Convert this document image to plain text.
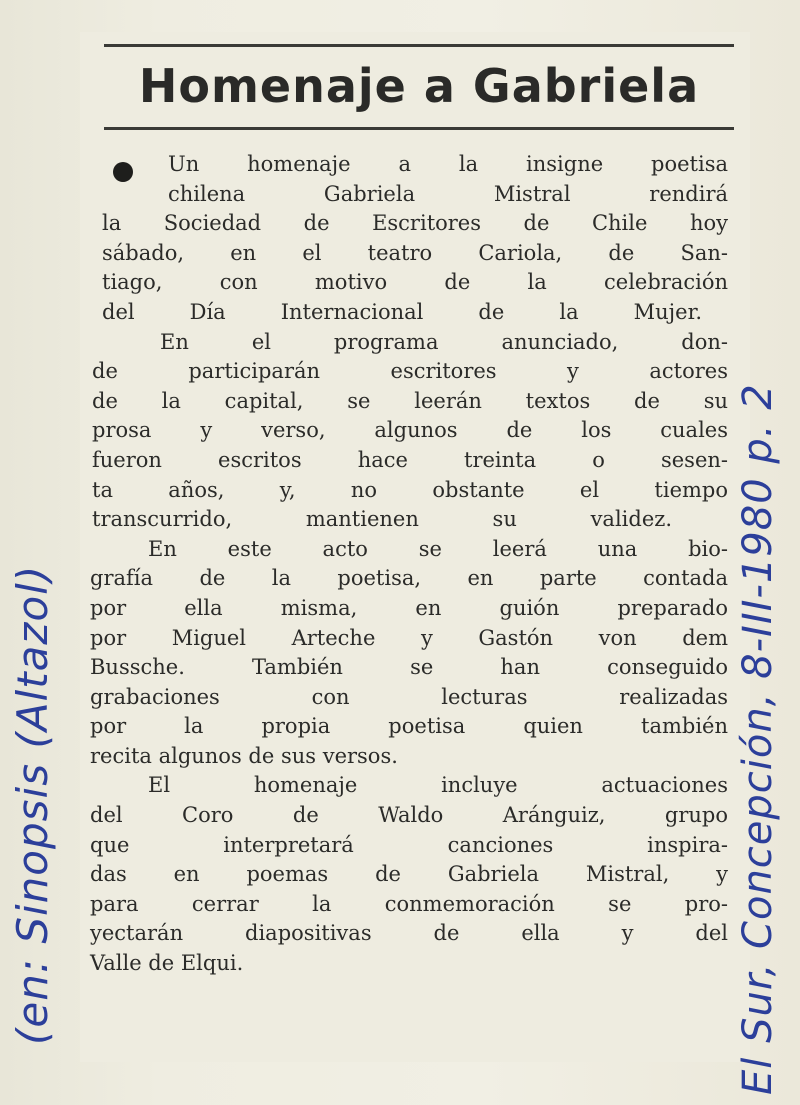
Homenaje a Gabriela
Un homenaje a la insigne poetisa
chilena Gabriela Mistral rendirá
la Sociedad de Escritores de Chile hoy
sábado, en el teatro Cariola, de San-
tiago, con motivo de la celebración
del Día Internacional de la Mujer.
En el programa anunciado, don-
de participarán escritores y actores
de la capital, se leerán textos de su
prosa y verso, algunos de los cuales
fueron escritos hace treinta o sesen-
ta años, y, no obstante el tiempo
transcurrido, mantienen su validez.
En este acto se leerá una bio-
grafía de la poetisa, en parte contada
por ella misma, en guión preparado
por Miguel Arteche y Gastón von dem
Bussche. También se han conseguido
grabaciones con lecturas realizadas
por la propia poetisa quien también
recita algunos de sus versos.
El homenaje incluye actuaciones
del Coro de Waldo Aránguiz, grupo
que interpretará canciones inspira-
das en poemas de Gabriela Mistral, y
para cerrar la conmemoración se pro-
yectarán diapositivas de ella y del
Valle de Elqui.
(en: Sinopsis (Altazol)	El Sur, Concepción, 8-III-1980 p. 2
